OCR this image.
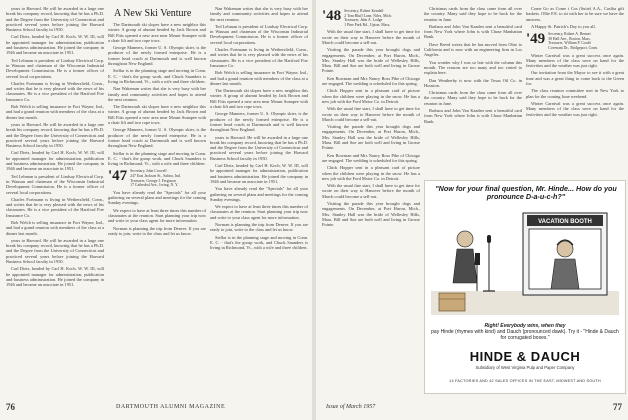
years to Harvard. He will be awarded in a large one break his company record, knowing that he has a Ph.D. and the Degree from the University of Connecticut and practiced several years before joining the Harvard Business School faculty in 1950.

Carl Dietz, headed by Carl H. Koch, W. W. III, will be appointed manager for administration, publication and business administration. He joined the company in 1946 and became an associate in 1951.

Ted Lehman is president of Lindsay Electrical Corp. in Wausau and chairman of the Wisconsin Industrial Development Commission. He is a former officer of several local corporations.

Charles Fortmann is living in Wethersfield, Conn., and writes that he is very pleased with the news of his classmates. He is a vice president of the Hartford Fire Insurance Co.

Bob Welch is selling insurance in Fort Wayne, Ind., and had a grand reunion with members of the class at a dinner last month.

years to Harvard. He will be awarded in a large one break his company record, knowing that he has a Ph.D. and the Degree from the University of Connecticut and practiced several years before joining the Harvard Business School faculty in 1950.

Carl Dietz, headed by Carl H. Koch, W. W. III, will be appointed manager for administration, publication and business administration. He joined the company in 1946 and became an associate in 1951.

Ted Lehman is president of Lindsay Electrical Corp. in Wausau and chairman of the Wisconsin Industrial Development Commission. He is a former officer of several local corporations.

Charles Fortmann is living in Wethersfield, Conn., and writes that he is very pleased with the news of his classmates. He is a vice president of the Hartford Fire Insurance Co.

Bob Welch is selling insurance in Fort Wayne, Ind., and had a grand reunion with members of the class at a dinner last month.

years to Harvard. He will be awarded in a large one break his company record, knowing that he has a Ph.D. and the Degree from the University of Connecticut and practiced several years before joining the Harvard Business School faculty in 1950.

Carl Dietz, headed by Carl H. Koch, W. W. III, will be appointed manager for administration, publication and business administration. He joined the company in 1946 and became an associate in 1951.

A New Ski Venture

The Dartmouth ski slopes have a new neighbor this winter. A group of alumni headed by Jack Brown and Bill Fitts opened a new area near Mount Sunapee with a chair lift and two rope tows.

George Manners, former U. S. Olympic skier, is the producer of the newly formed enterprise. He is a former head coach at Dartmouth and is well known throughout New England.

Stellar is in the planning stage and moving in Conn. E. C. - that's the group work, and Chuck Saunders is living in Richmond, Vt., with a wife and three children.

Nan Wakeman writes that she is very busy with her family and community activities and hopes to attend the next reunion.

The Dartmouth ski slopes have a new neighbor this winter. A group of alumni headed by Jack Brown and Bill Fitts opened a new area near Mount Sunapee with a chair lift and two rope tows.

George Manners, former U. S. Olympic skier, is the producer of the newly formed enterprise. He is a former head coach at Dartmouth and is well known throughout New England.

Stellar is in the planning stage and moving in Conn. E. C. - that's the group work, and Chuck Saunders is living in Richmond, Vt., with a wife and three children.

'47 Secretary, John Crowell
247 East Jackson St., Salina, Ind.
Treasurer, George J. Ferguson
17 Cathedral Ave., Irving, N. Y.

You have already read the "Specials" for all your gathering on several plans and meetings for the coming Sunday evenings.

We expect to have at least three times this number of classmates at the reunion. Start planning your trip now and write to your class agent for more information.

Norman is planning the trip from Denver. If you are ready to join, write to the class and let us know.

Nan Wakeman writes that she is very busy with her family and community activities and hopes to attend the next reunion.

Ted Lehman is president of Lindsay Electrical Corp. in Wausau and chairman of the Wisconsin Industrial Development Commission. He is a former officer of several local corporations.

Charles Fortmann is living in Wethersfield, Conn., and writes that he is very pleased with the news of his classmates. He is a vice president of the Hartford Fire Insurance Co.

Bob Welch is selling insurance in Fort Wayne, Ind., and had a grand reunion with members of the class at a dinner last month.

The Dartmouth ski slopes have a new neighbor this winter. A group of alumni headed by Jack Brown and Bill Fitts opened a new area near Mount Sunapee with a chair lift and two rope tows.

George Manners, former U. S. Olympic skier, is the producer of the newly formed enterprise. He is a former head coach at Dartmouth and is well known throughout New England.

years to Harvard. He will be awarded in a large one break his company record, knowing that he has a Ph.D. and the Degree from the University of Connecticut and practiced several years before joining the Harvard Business School faculty in 1950.

Carl Dietz, headed by Carl H. Koch, W. W. III, will be appointed manager for administration, publication and business administration. He joined the company in 1946 and became an associate in 1951.

You have already read the "Specials" for all your gathering on several plans and meetings for the coming Sunday evenings.

We expect to have at least three times this number of classmates at the reunion. Start planning your trip now and write to your class agent for more information.

Norman is planning the trip from Denver. If you are ready to join, write to the class and let us know.

Stellar is in the planning stage and moving in Conn. E. C. - that's the group work, and Chuck Saunders is living in Richmond, Vt., with a wife and three children.

'48 Secretary, Robert Kendall
2 Tom Bluff Lane, Niles, Mich.
Treasurer, Jahn A. Lodge
1 Pine Park Rd., Upton, Mass.

With the usual fine start, I shall have to get time for wrote on their way to Hanover before the month of March could become a sell-out.

Visiting the parade this year brought dogs and engagements. On December, at Port Huron, Mich., Mrs. Stanley Hall was the bride of Wellesley Hills, Mass. Bill and Sue are both well and living in Grosse Pointe.

Ken Bowman and Mrs Nancy Ross Pike of Chicago are engaged. The wedding is scheduled for this spring.

Chick Hopper sent in a pleasant card of picture when the children were playing in the snow. He has a new job with the Ford Motor Co. in Detroit.

With the usual fine start, I shall have to get time for wrote on their way to Hanover before the month of March could become a sell-out.

Visiting the parade this year brought dogs and engagements. On December, at Port Huron, Mich., Mrs. Stanley Hall was the bride of Wellesley Hills, Mass. Bill and Sue are both well and living in Grosse Pointe.

Ken Bowman and Mrs Nancy Ross Pike of Chicago are engaged. The wedding is scheduled for this spring.

Chick Hopper sent in a pleasant card of picture when the children were playing in the snow. He has a new job with the Ford Motor Co. in Detroit.

With the usual fine start, I shall have to get time for wrote on their way to Hanover before the month of March could become a sell-out.

Visiting the parade this year brought dogs and engagements. On December, at Port Huron, Mich., Mrs. Stanley Hall was the bride of Wellesley Hills, Mass. Bill and Sue are both well and living in Grosse Pointe.

Christmas cards from the class came from all over the country. Many said they hope to be back for the reunion in June.

Barbara and John Van Kaaden sent a beautiful card from New York where John is with Chase Manhattan Bank.

Dave Breed writes that he has moved from Ohio to California and is now with an engineering firm in Los Angeles.

You wonder why I was so late with the column this month. The reasons are too many and too varied to explain here.

Dan Weatherby is now with the Texas Oil Co. in Houston.

Christmas cards from the class came from all over the country. Many said they hope to be back for the reunion in June.

Barbara and John Van Kaaden sent a beautiful card from New York where John is with Chase Manhattan Bank.

Come Go as Come t Cos (Suite) A.A., Caslita gift baskets. Ollie F.E. to sit with her to be sure we have the answers.

A Happy St. Patrick's Day to you all.

'49 Secretary, Robert A. Bennet
38 Hall Ave., Boston, Mass.
Treasurer, William P. Gould
Covenant Dr., Bridgeport, Conn.

Winter Carnival was a great success once again. Many members of the class were on hand for the festivities and the weather was just right.

Our invitation from the Mayor to see it with a great time and was a great thing to come back to the Green for.

The class reunion committee met in New York to plan for the coming June weekend.

Winter Carnival was a great success once again. Many members of the class were on hand for the festivities and the weather was just right.

"Now for your final question, Mr. Hinde... How do you pronounce D-a-u-c-h?"
VACATION BOOTH
Right! Everybody wins, when they
pay Hinde (rhymes with kind) and Dauch (pronounced dawk). Try it - "Hinde & Dauch for corrugated boxes."
HINDE & DAUCH
Subsidiary of West Virginia Pulp and Paper Company
14 FACTORIES AND 42 SALES OFFICES IN THE EAST, MIDWEST AND SOUTH
76	DARTMOUTH ALUMNI MAGAZINE	Issue of March 1957	77
